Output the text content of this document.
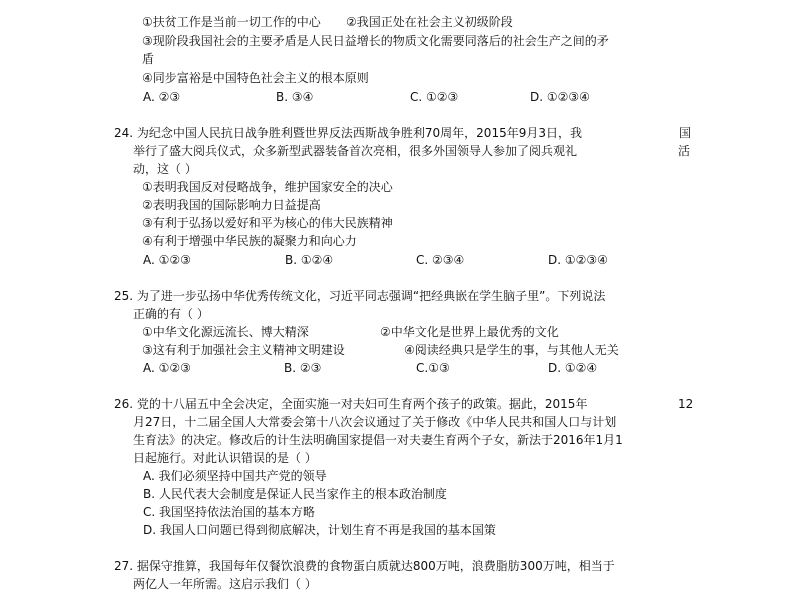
①扶贫工作是当前一切工作的中心 ②我国正处在社会主义初级阶段
③现阶段我国社会的主要矛盾是人民日益增长的物质文化需要同落后的社会生产之间的矛
盾
④同步富裕是中国特色社会主义的根本原则
A. ②③	B. ③④	C. ①②③	D. ①②③④
24. 为纪念中国人民抗日战争胜利暨世界反法西斯战争胜利70周年，2015年9月3日，我	国
举行了盛大阅兵仪式，众多新型武器装备首次亮相，很多外国领导人参加了阅兵观礼	活
动，这（ ）
①表明我国反对侵略战争，维护国家安全的决心
②表明我国的国际影响力日益提高
③有利于弘扬以爱好和平为核心的伟大民族精神
④有利于增强中华民族的凝聚力和向心力
A. ①②③	B. ①②④	C. ②③④	D. ①②③④
25. 为了进一步弘扬中华优秀传统文化，习近平同志强调“把经典嵌在学生脑子里”。下列说法
正确的有（ ）
①中华文化源远流长、博大精深	②中华文化是世界上最优秀的文化
③这有利于加强社会主义精神文明建设	④阅读经典只是学生的事，与其他人无关
A. ①②③	B. ②③	C.①③	D. ①②④
26. 党的十八届五中全会决定，全面实施一对夫妇可生育两个孩子的政策。据此，2015年	12
月27日，十二届全国人大常委会第十八次会议通过了关于修改《中华人民共和国人口与计划
生育法》的决定。修改后的计生法明确国家提倡一对夫妻生育两个子女，新法于2016年1月1
日起施行。对此认识错误的是（ ）
A. 我们必须坚持中国共产党的领导
B. 人民代表大会制度是保证人民当家作主的根本政治制度
C. 我国坚持依法治国的基本方略
D. 我国人口问题已得到彻底解决，计划生育不再是我国的基本国策
27. 据保守推算，我国每年仅餐饮浪费的食物蛋白质就达800万吨，浪费脂肪300万吨，相当于
两亿人一年所需。这启示我们（ ）
